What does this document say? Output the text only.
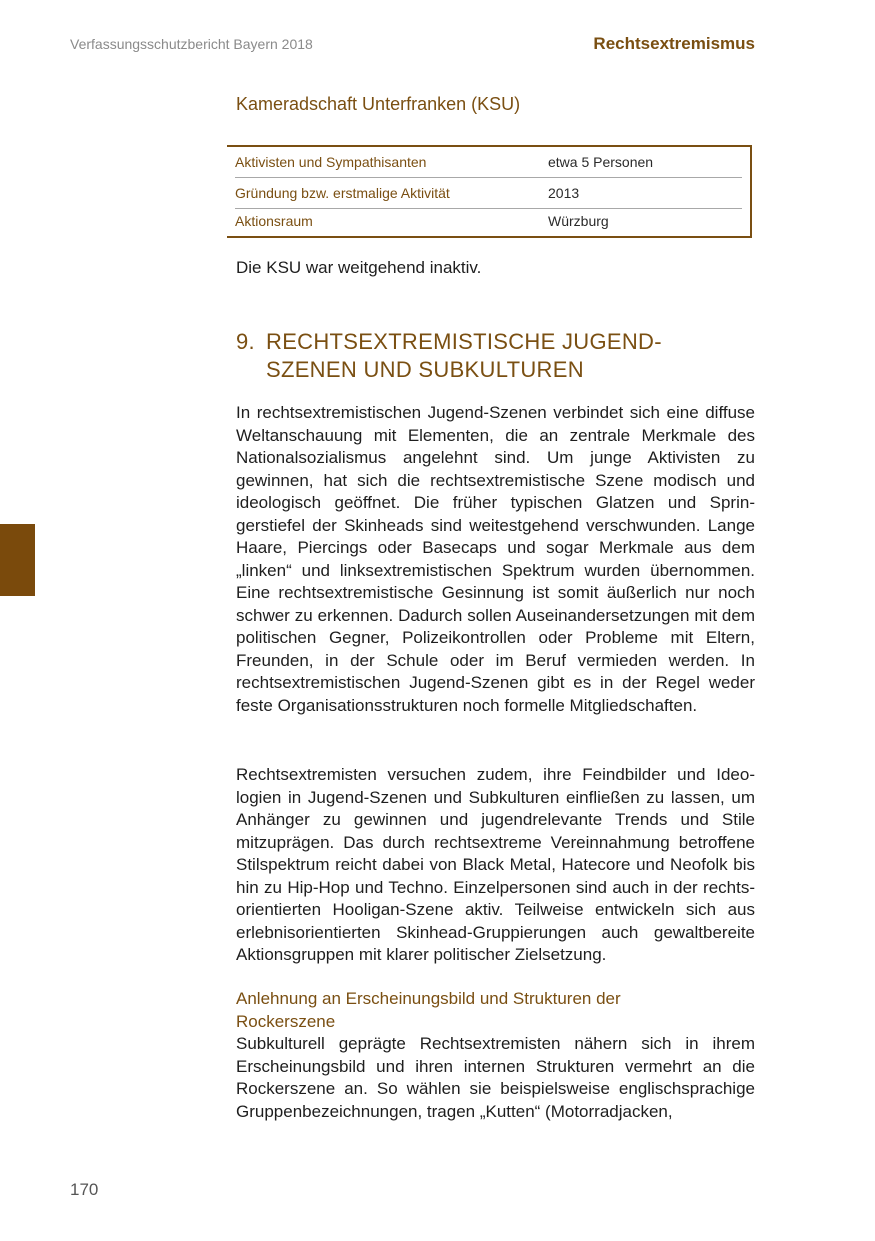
Verfassungsschutzbericht Bayern 2018	Rechtsextremismus
Kameradschaft Unterfranken (KSU)
Aktivisten und Sympathisanten	etwa 5 Personen
Gründung bzw. erstmalige Aktivität	2013
Aktionsraum	Würzburg
Die KSU war weitgehend inaktiv.
9. RECHTSEXTREMISTISCHE JUGEND-SZENEN UND SUBKULTUREN
In rechtsextremistischen Jugend-Szenen verbindet sich eine diffuse Weltanschauung mit Elementen, die an zentrale Merkmale des Nationalsozialismus angelehnt sind. Um junge Aktivisten zu gewinnen, hat sich die rechtsextremistische Szene modisch und ideologisch geöffnet. Die früher typischen Glatzen und Springerstiefel der Skinheads sind weitestgehend verschwunden. Lange Haare, Piercings oder Basecaps und sogar Merkmale aus dem „linken“ und linksextremistischen Spektrum wurden übernommen. Eine rechtsextremistische Gesinnung ist somit äußerlich nur noch schwer zu erkennen. Dadurch sollen Auseinandersetzungen mit dem politischen Gegner, Polizeikontrollen oder Probleme mit Eltern, Freunden, in der Schule oder im Beruf vermieden werden. In rechtsextremistischen Jugend-Szenen gibt es in der Regel weder feste Organisationsstrukturen noch formelle Mitgliedschaften.
Rechtsextremisten versuchen zudem, ihre Feindbilder und Ideologien in Jugend-Szenen und Subkulturen einfließen zu lassen, um Anhänger zu gewinnen und jugendrelevante Trends und Stile mitzuprägen. Das durch rechtsextreme Vereinnahmung betroffene Stilspektrum reicht dabei von Black Metal, Hatecore und Neofolk bis hin zu Hip-Hop und Techno. Einzelpersonen sind auch in der rechts-orientierten Hooligan-Szene aktiv. Teilweise entwickeln sich aus erlebnisorientierten Skinhead-Gruppierungen auch gewaltbereite Aktionsgruppen mit klarer politischer Zielsetzung.
Anlehnung an Erscheinungsbild und Strukturen der Rockerszene
Subkulturell geprägte Rechtsextremisten nähern sich in ihrem Erscheinungsbild und ihren internen Strukturen vermehrt an die Rockerszene an. So wählen sie beispielsweise englischsprachige Gruppenbezeichnungen, tragen „Kutten“ (Motorradjacken,
170
